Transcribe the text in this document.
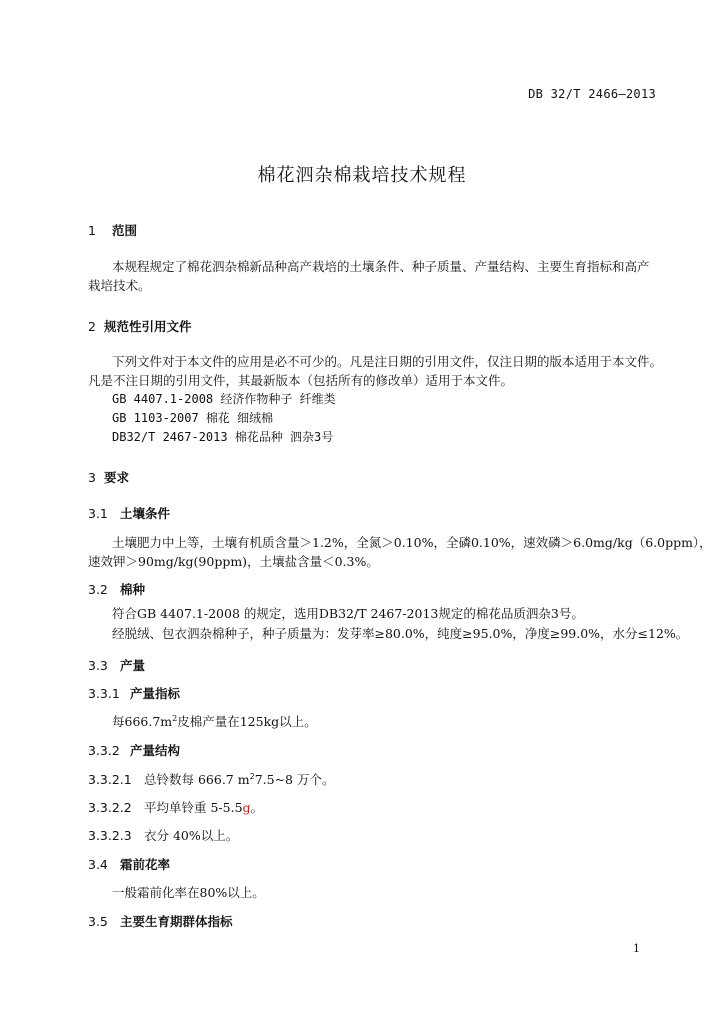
DB 32/T 2466—2013
棉花泗杂棉栽培技术规程
1 范围
本规程规定了棉花泗杂棉新品种高产栽培的土壤条件、种子质量、产量结构、主要生育指标和高产
栽培技术。
2 规范性引用文件
下列文件对于本文件的应用是必不可少的。凡是注日期的引用文件，仅注日期的版本适用于本文件。
凡是不注日期的引用文件，其最新版本（包括所有的修改单）适用于本文件。
GB 4407.1-2008 经济作物种子 纤维类
GB 1103-2007 棉花 细绒棉
DB32/T 2467-2013 棉花品种 泗杂3号
3 要求
3.1 土壤条件
土壤肥力中上等，土壤有机质含量＞1.2%，全氮＞0.10%，全磷0.10%，速效磷＞6.0mg/kg（6.0ppm），
速效钾＞90mg/kg(90ppm)，土壤盐含量＜0.3%。
3.2 棉种
符合GB 4407.1-2008 的规定，选用DB32/T 2467-2013规定的棉花品质泗杂3号。
经脱绒、包衣泗杂棉种子，种子质量为：发芽率≥80.0%，纯度≥95.0%，净度≥99.0%，水分≤12%。
3.3 产量
3.3.1 产量指标
每$666.7m^2$皮棉产量在125kg以上。
3.3.2 产量结构
3.3.2.1 总铃数每 666.7 $m^27.5\sim 8$ 万个。
3.3.2.2 平均单铃重 5-5.5g。
3.3.2.3 衣分 40%以上。
3.4 霜前花率
一般霜前化率在80%以上。
3.5 主要生育期群体指标
1
